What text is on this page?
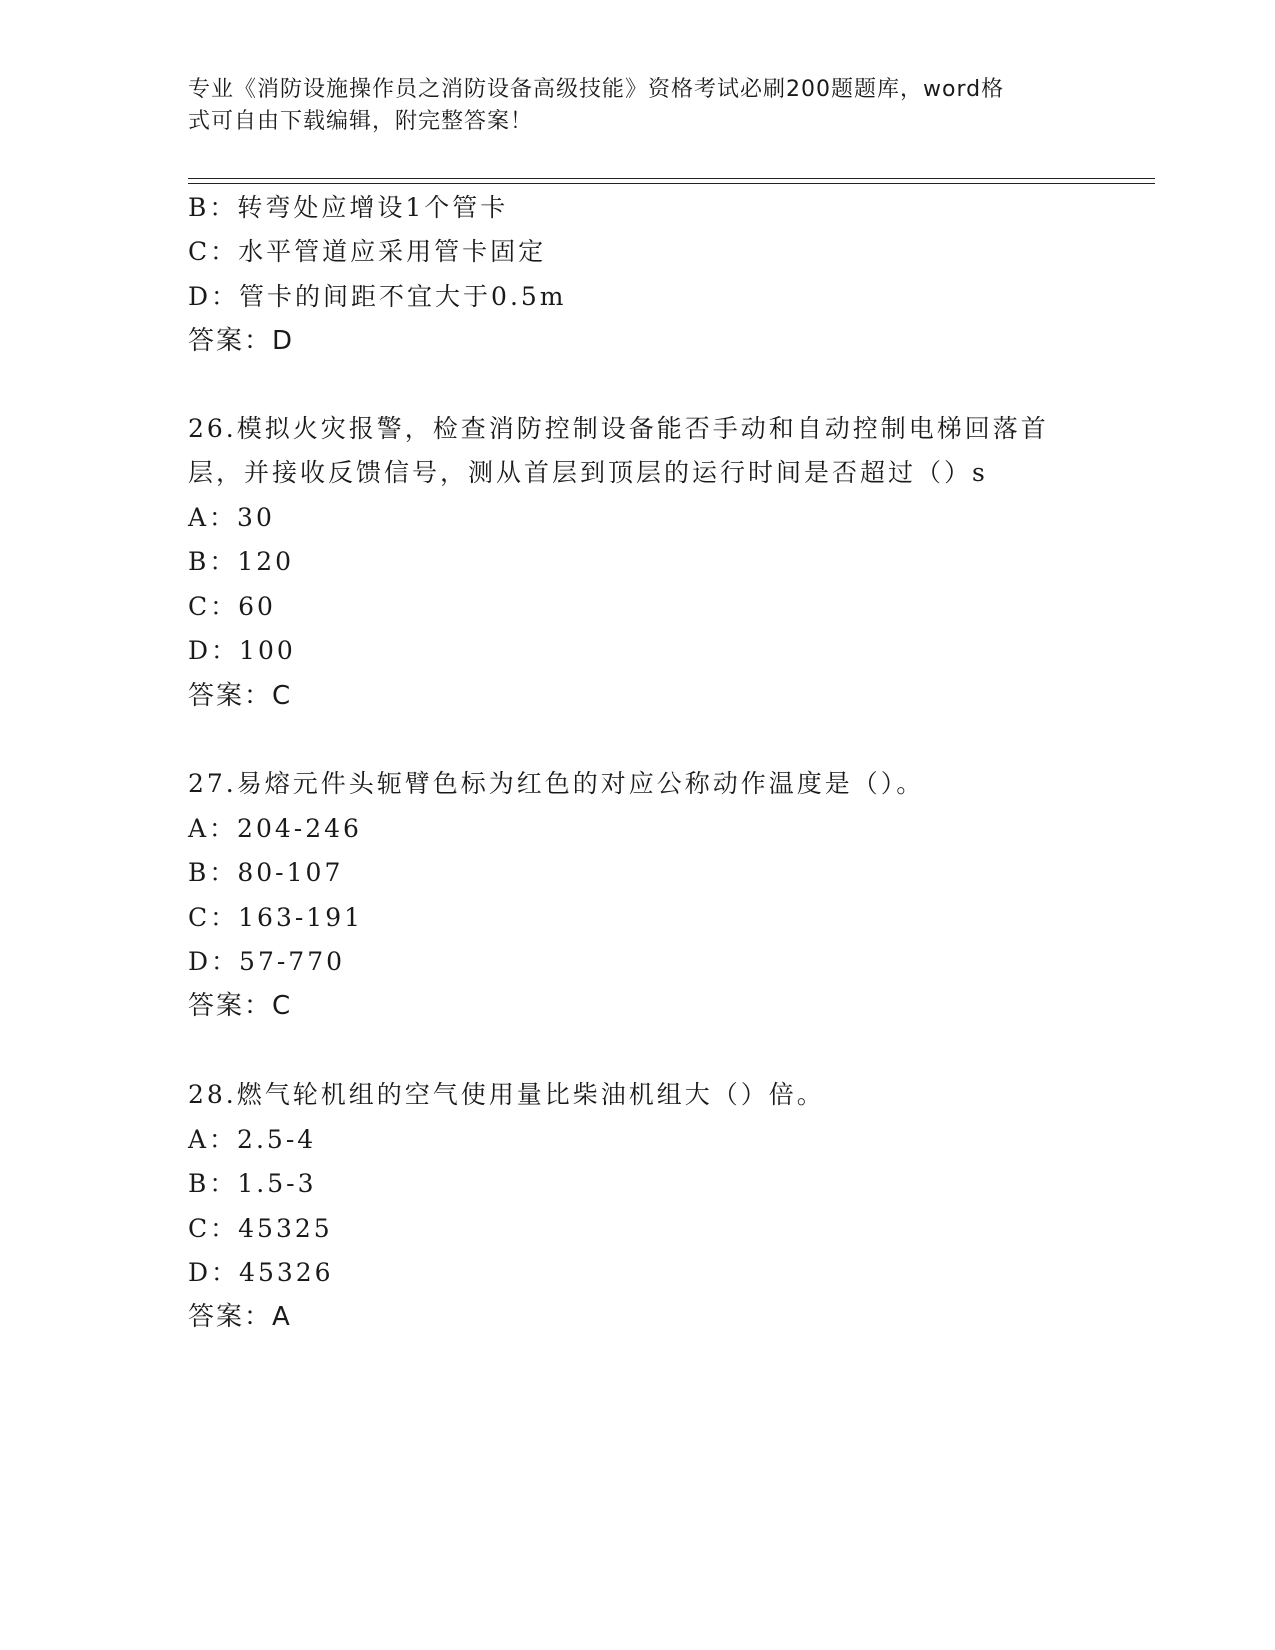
专业《消防设施操作员之消防设备高级技能》资格考试必刷200题题库，word格
式可自由下载编辑，附完整答案！
B：转弯处应增设1个管卡
C：水平管道应采用管卡固定
D：管卡的间距不宜大于0.5m
答案：D
26.模拟火灾报警，检查消防控制设备能否手动和自动控制电梯回落首
层，并接收反馈信号，测从首层到顶层的运行时间是否超过（）s
A：30
B：120
C：60
D：100
答案：C
27.易熔元件头轭臂色标为红色的对应公称动作温度是（）。
A：204-246
B：80-107
C：163-191
D：57-770
答案：C
28.燃气轮机组的空气使用量比柴油机组大（）倍。
A：2.5-4
B：1.5-3
C：45325
D：45326
答案：A
